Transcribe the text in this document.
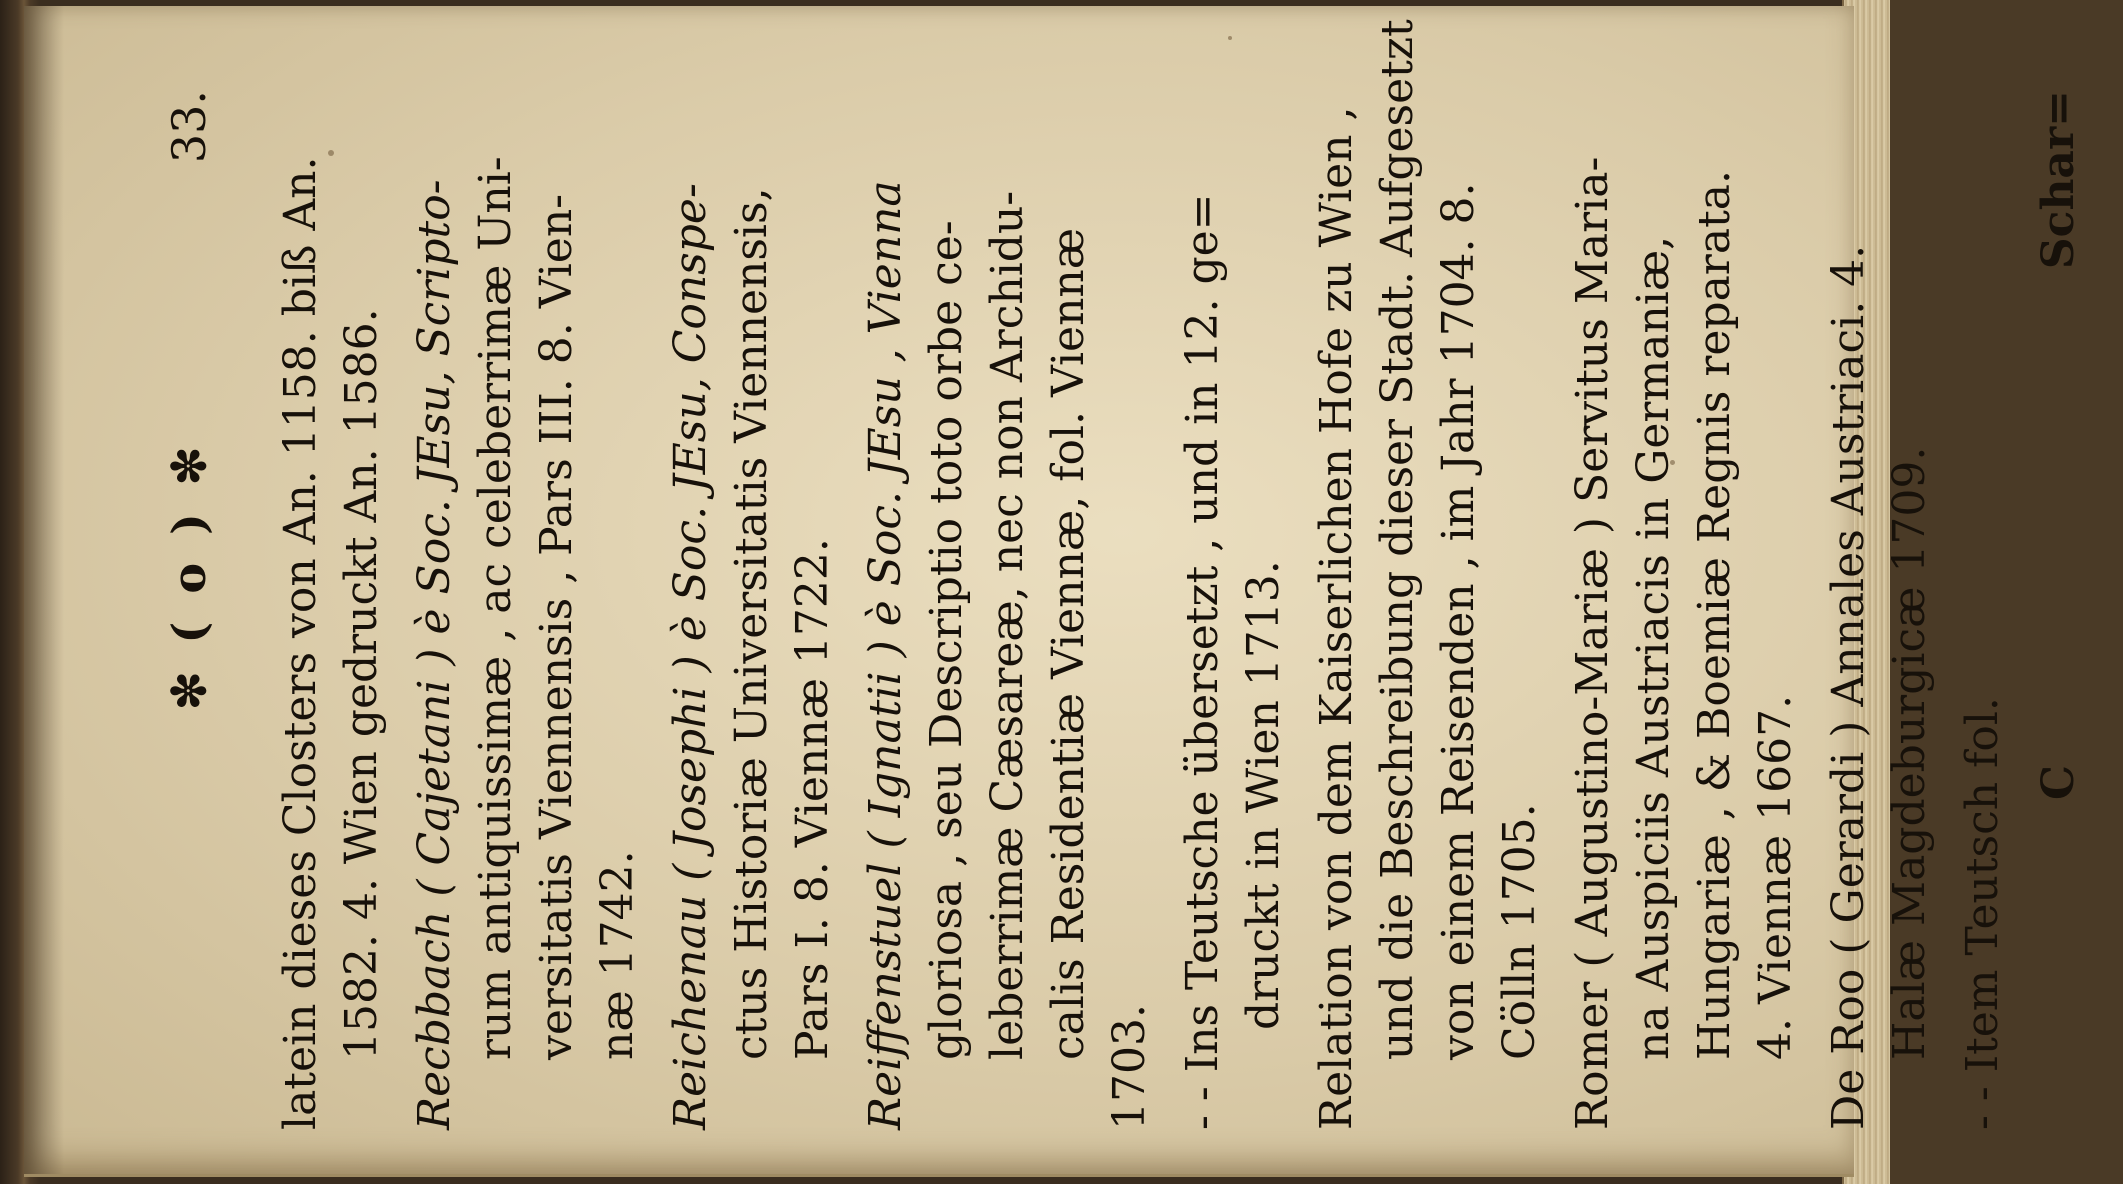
✼ ( o ) ✼
33.
latein dieses Closters von An. 1158. biß An. 1582. 4. Wien gedruckt An. 1586. Recbbach ( Cajetani ) è Soc. JEsu, Scripto- rum antiquissimæ , ac celeberrimæ Uni- versitatis Viennensis , Pars III. 8. Vien- næ 1742. Reichenau ( Josephi ) è Soc. JEsu, Conspe- ctus Historiæ Universitatis Viennensis, Pars I. 8. Viennæ 1722. Reiffenstuel ( Ignatii ) è Soc. JEsu , Vienna gloriosa , seu Descriptio toto orbe ce- leberrimæ Cæsareæ, nec non Archidu- calis Residentiæ Viennæ, fol. Viennæ
1703. - - Ins Teutsche übersetzt , und in 12. ge= druckt in Wien 1713. Relation von dem Kaiserlichen Hofe zu Wien , und die Beschreibung dieser Stadt. Aufgesetzt von einem Reisenden , im Jahr 1704. 8. Cölln 1705. Romer ( Augustino-Mariæ ) Servitus Maria- na Auspiciis Austriacis in Germaniæ, Hungariæ , & Boemiæ Regnis reparata. 4. Viennæ 1667. De Roo ( Gerardi ) Annales Austriaci. 4. Halæ Magdeburgicæ 1709. - - Item Teutsch fol. C
Schar=
